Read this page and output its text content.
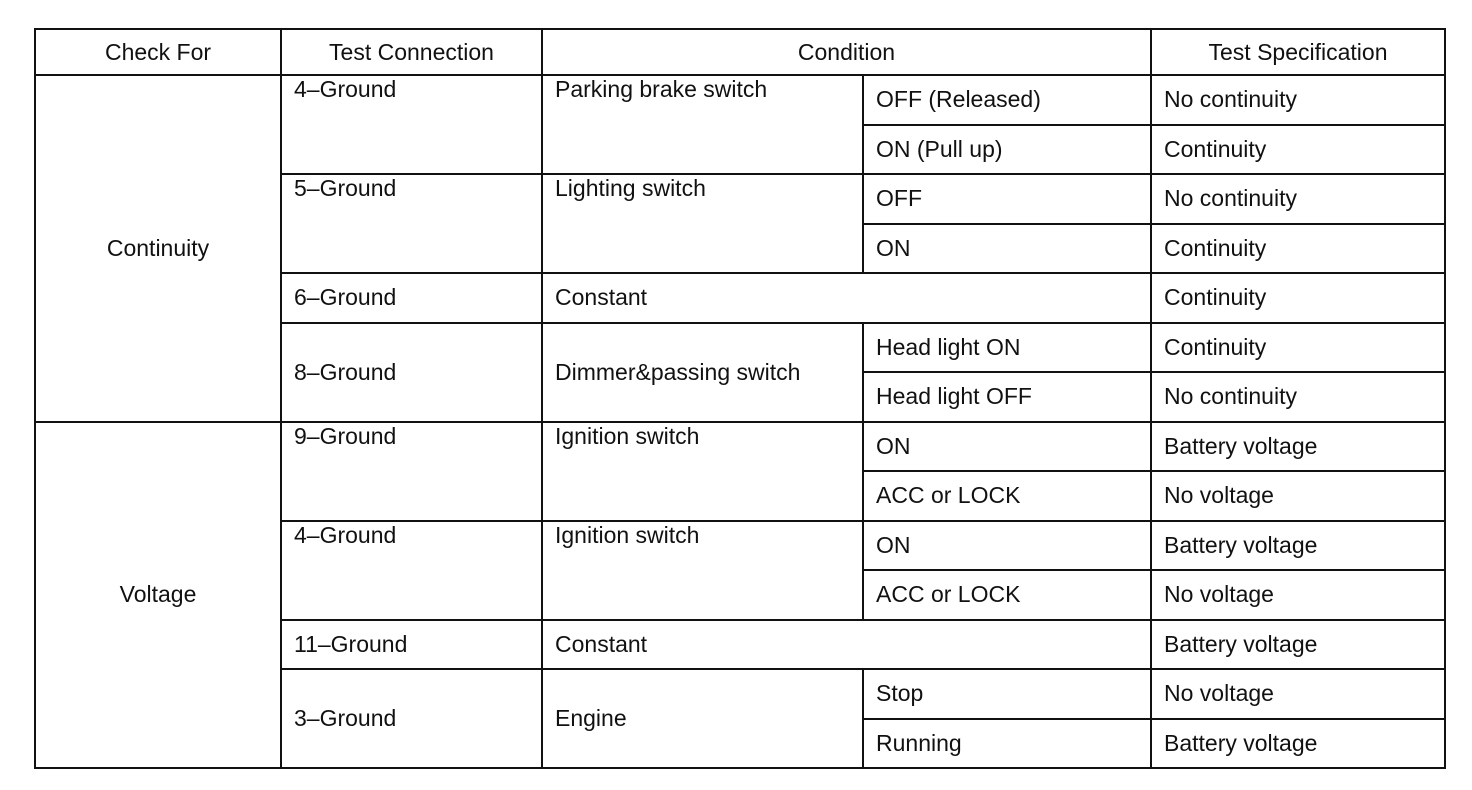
Check For	Test Connection	Condition		Test Specification
Continuity	4–Ground	Parking brake switch	OFF (Released)	No continuity
			ON (Pull up)	Continuity
	5–Ground	Lighting switch	OFF	No continuity
			ON	Continuity
	6–Ground	Constant		Continuity
	8–Ground	Dimmer&passing switch	Head light ON	Continuity
			Head light OFF	No continuity
Voltage	9–Ground	Ignition switch	ON	Battery voltage
			ACC or LOCK	No voltage
	4–Ground	Ignition switch	ON	Battery voltage
			ACC or LOCK	No voltage
	11–Ground	Constant		Battery voltage
	3–Ground	Engine	Stop	No voltage
			Running	Battery voltage
